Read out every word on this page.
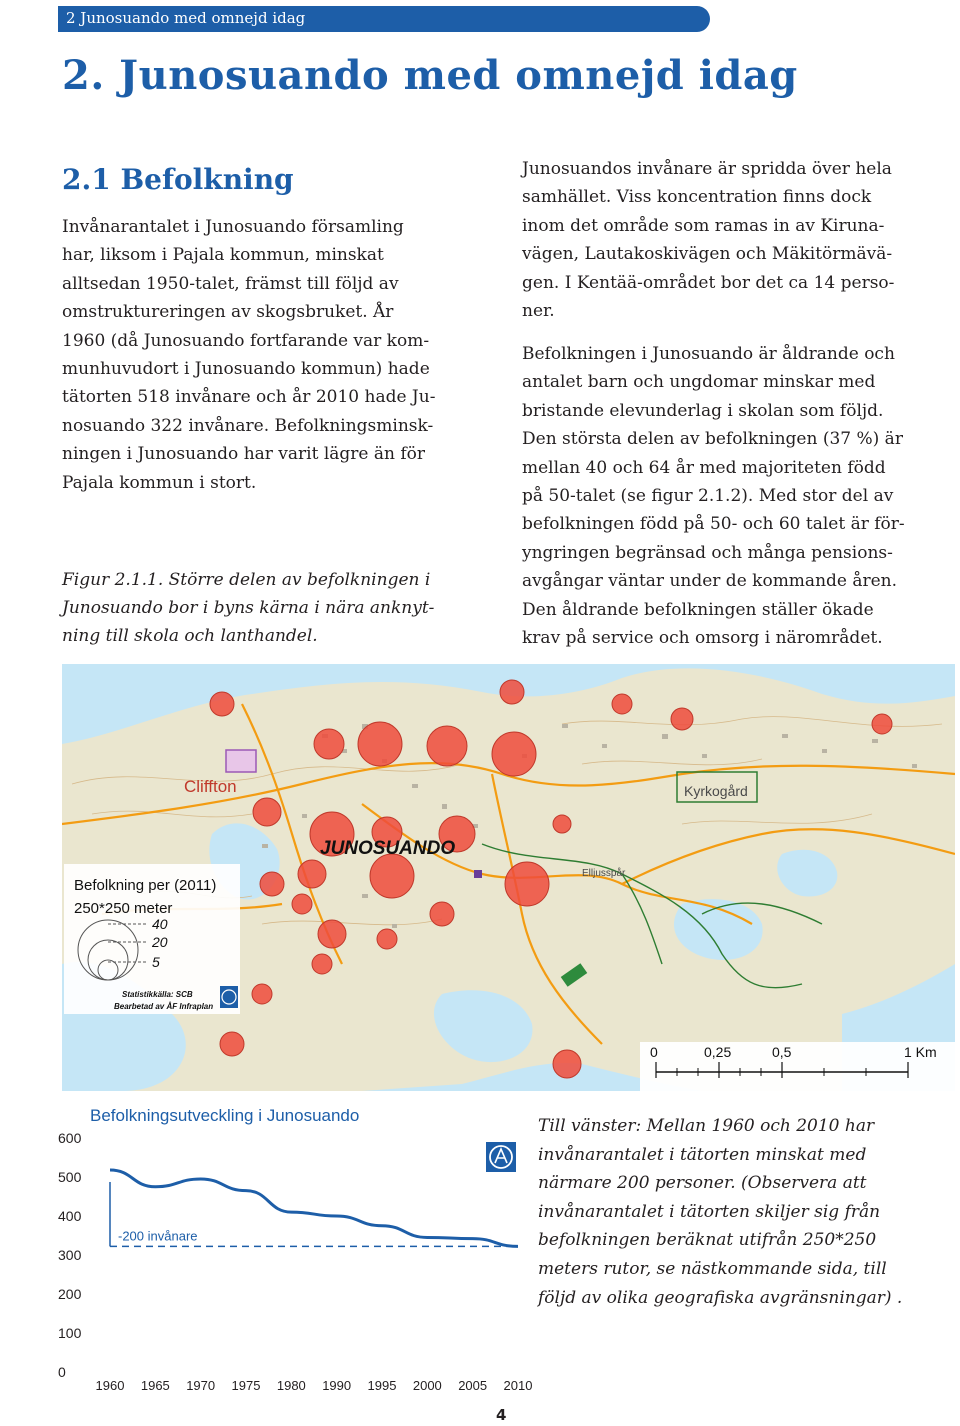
2 Junosuando med omnejd idag
2. Junosuando med omnejd idag
2.1 Befolkning

Invånarantalet i Junosuando församling
har, liksom i Pajala kommun, minskat
alltsedan 1950-talet, främst till följd av
omstruktureringen av skogsbruket. År
1960 (då Junosuando fortfarande var kom-
munhuvudort i Junosuando kommun) hade
tätorten 518 invånare och år 2010 hade Ju-
nosuando 322 invånare. Befolkningsminsk-
ningen i Junosuando har varit lägre än för
Pajala kommun i stort.

Junosuandos invånare är spridda över hela
samhället. Viss koncentration finns dock
inom det område som ramas in av Kiruna-
vägen, Lautakoskivägen och Mäkitörmävä-
gen. I Kentää-området bor det ca 14 perso-
ner.

Befolkningen i Junosuando är åldrande och
antalet barn och ungdomar minskar med
bristande elevunderlag i skolan som följd.
Den största delen av befolkningen (37 %) är
mellan 40 och 64 år med majoriteten född
på 50-talet (se figur 2.1.2). Med stor del av
befolkningen född på 50- och 60 talet är för-
yngringen begränsad och många pensions-
avgångar väntar under de kommande åren.
Den åldrande befolkningen ställer ökade
krav på service och omsorg i närområdet.

Figur 2.1.1. Större delen av befolkningen i
Junosuando bor i byns kärna i nära anknyt-
ning till skola och lanthandel.
Cliffton
JUNOSUANDO
Kyrkogård
Elljusspår
Befolkning per (2011)
250*250 meter
40
20
5
Statistikkälla: SCB
Bearbetad av ÅF Infraplan
0	0,25	0,5	1 Km
Befolkningsutveckling i Junosuando
0
100
200
300
400
500
600
1960 1965 1970 1975 1980 1990 1995 2000 2005 2010
-200 invånare
Till vänster: Mellan 1960 och 2010 har
invånarantalet i tätorten minskat med
närmare 200 personer. (Observera att
invånarantalet i tätorten skiljer sig från
befolkningen beräknat utifrån 250*250
meters rutor, se nästkommande sida, till
följd av olika geografiska avgränsningar) .
4
